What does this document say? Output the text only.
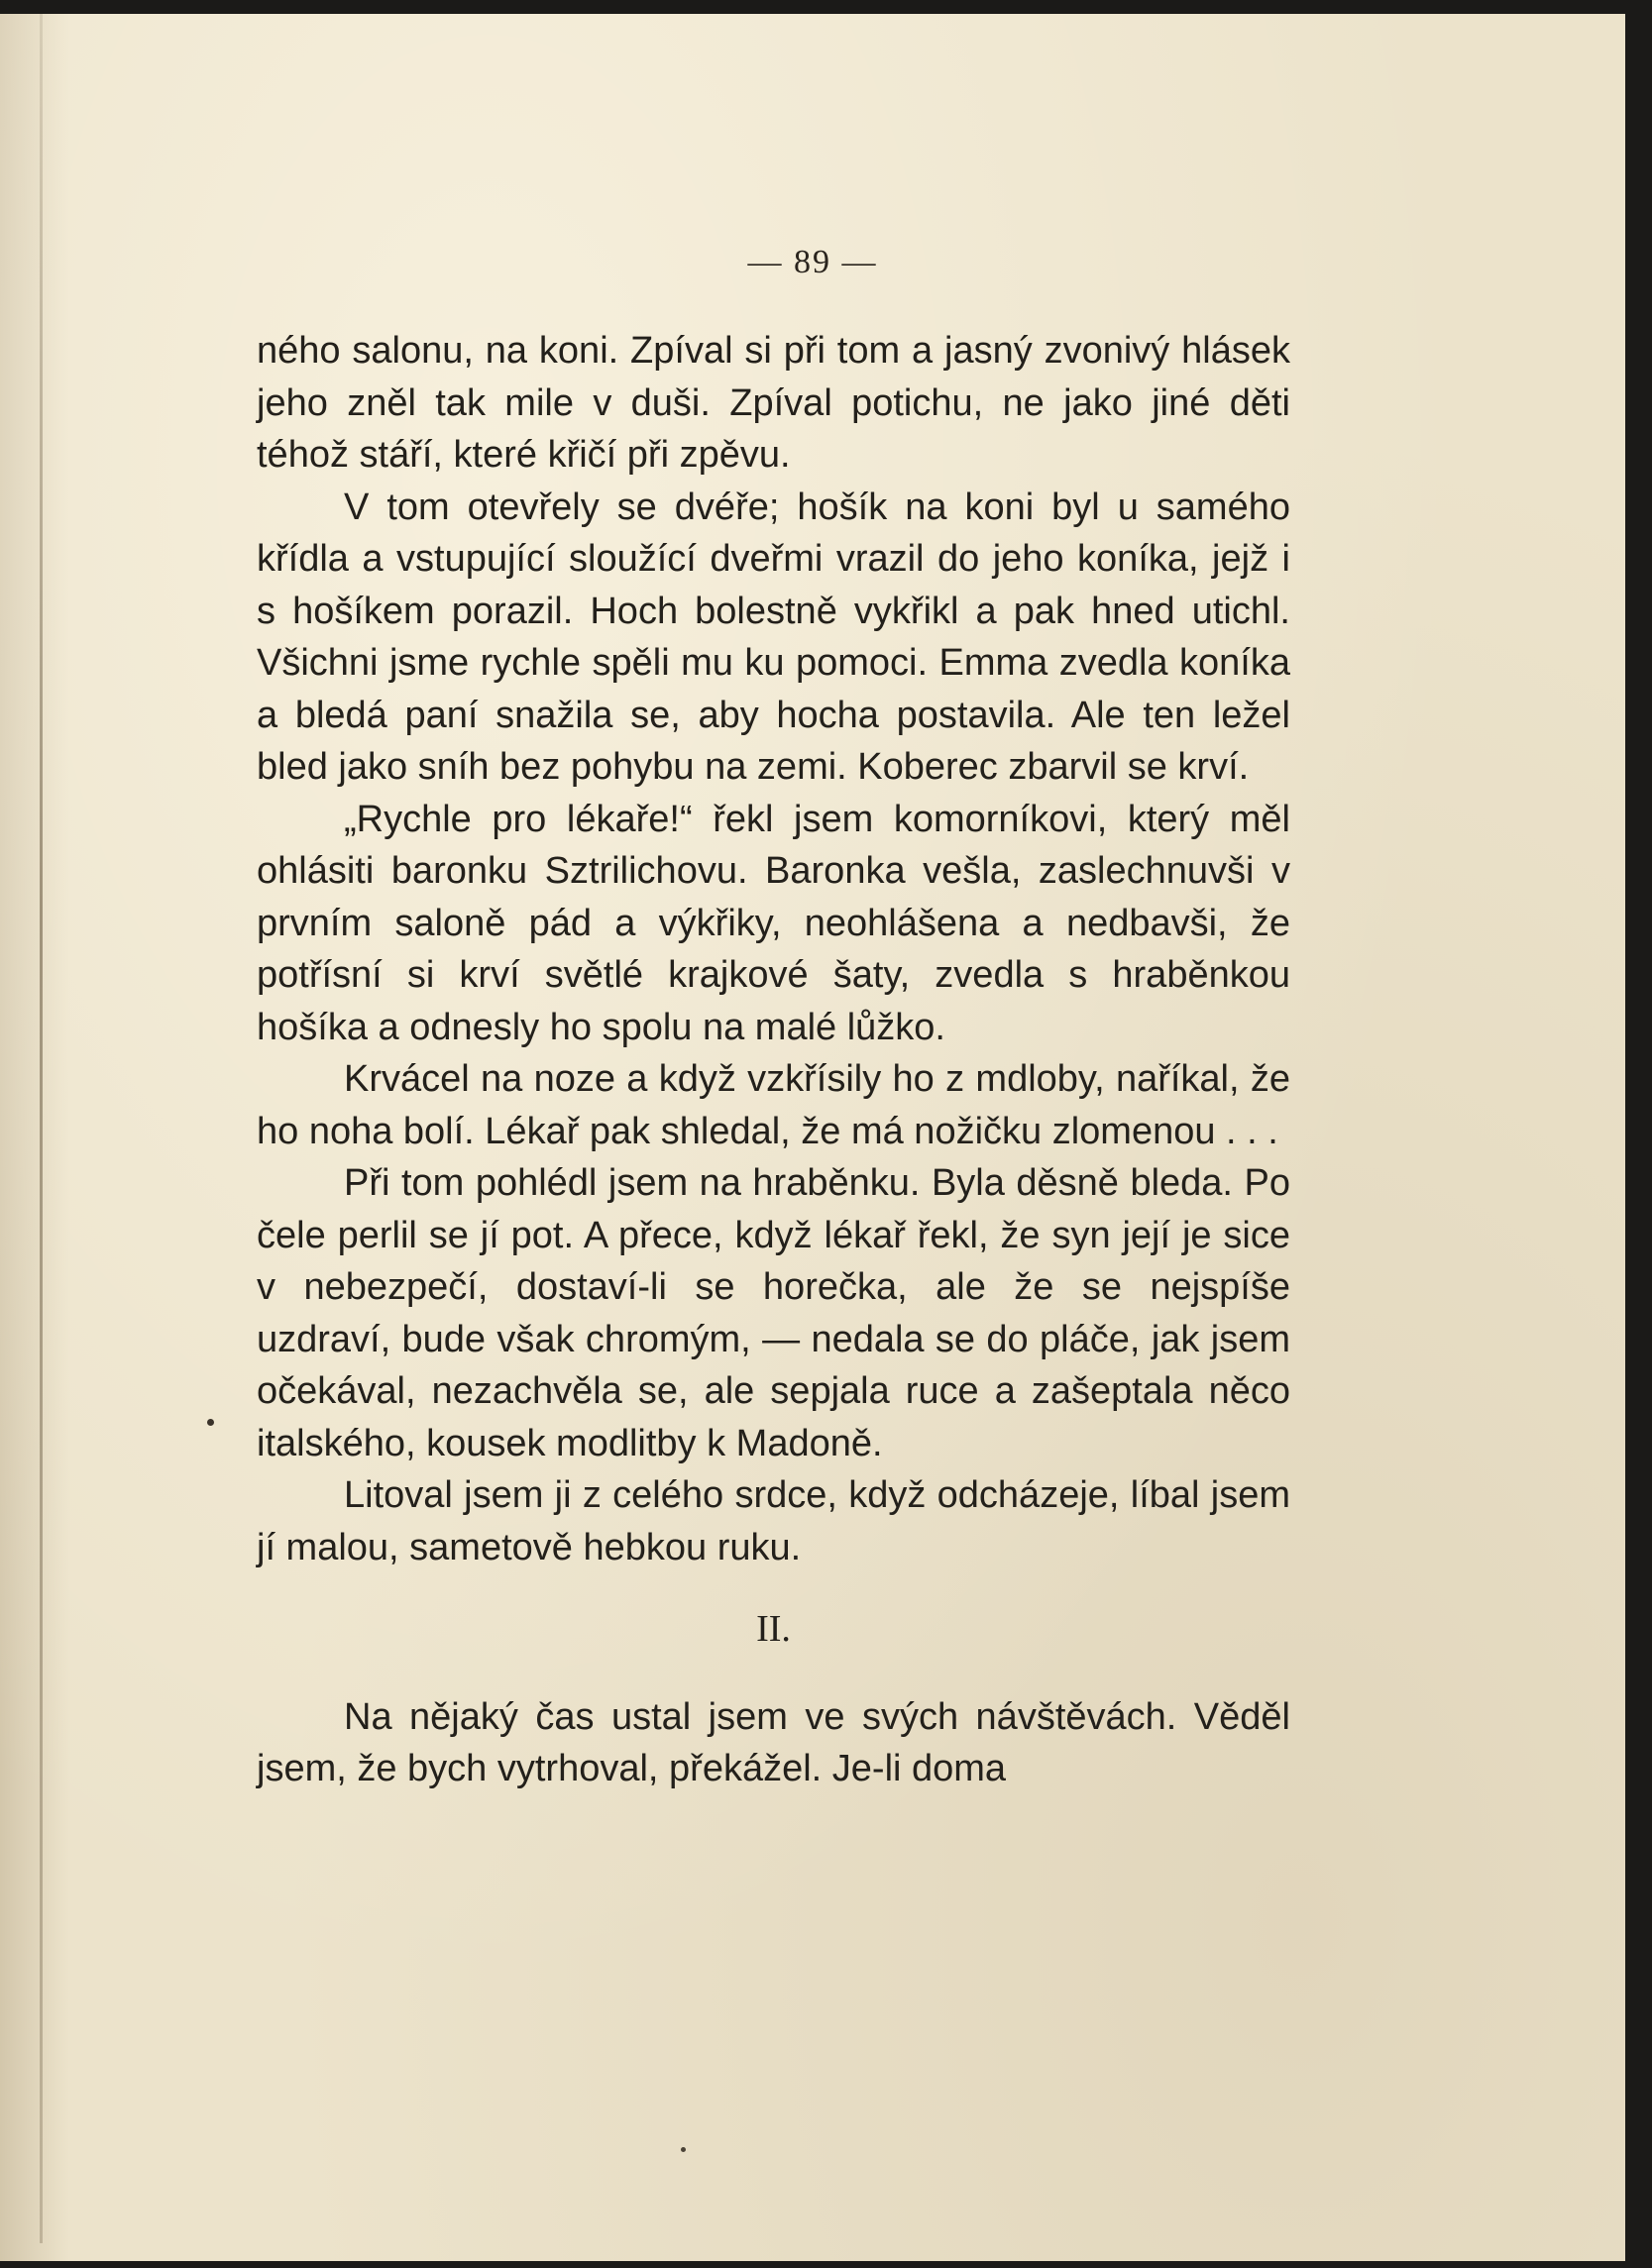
— 89 —

ného salonu, na koni. Zpíval si při tom a jasný zvonivý hlásek jeho zněl tak mile v duši. Zpíval potichu, ne jako jiné děti téhož stáří, které křičí při zpěvu.

V tom otevřely se dvéře; hošík na koni byl u samého křídla a vstupující sloužící dveřmi vrazil do jeho koníka, jejž i s hošíkem porazil. Hoch bolestně vykřikl a pak hned utichl. Všichni jsme rychle spěli mu ku pomoci. Emma zvedla koníka a bledá paní snažila se, aby hocha postavila. Ale ten ležel bled jako sníh bez pohybu na zemi. Koberec zbarvil se krví.

„Rychle pro lékaře!“ řekl jsem komorníkovi, který měl ohlásiti baronku Sztrilichovu. Baronka vešla, zaslechnuvši v prvním saloně pád a výkřiky, neohlášena a nedbavši, že potřísní si krví světlé krajkové šaty, zvedla s hraběnkou hošíka a odnesly ho spolu na malé lůžko.

Krvácel na noze a když vzkřísily ho z mdloby, naříkal, že ho noha bolí. Lékař pak shledal, že má nožičku zlomenou . . .

Při tom pohlédl jsem na hraběnku. Byla děsně bleda. Po čele perlil se jí pot. A přece, když lékař řekl, že syn její je sice v nebezpečí, dostaví-li se horečka, ale že se nejspíše uzdraví, bude však chromým, — nedala se do pláče, jak jsem očekával, nezachvěla se, ale sepjala ruce a zašeptala něco italského, kousek modlitby k Madoně.

Litoval jsem ji z celého srdce, když odcházeje, líbal jsem jí malou, sametově hebkou ruku.

II.

Na nějaký čas ustal jsem ve svých návštěvách. Věděl jsem, že bych vytrhoval, překážel. Je-li doma
